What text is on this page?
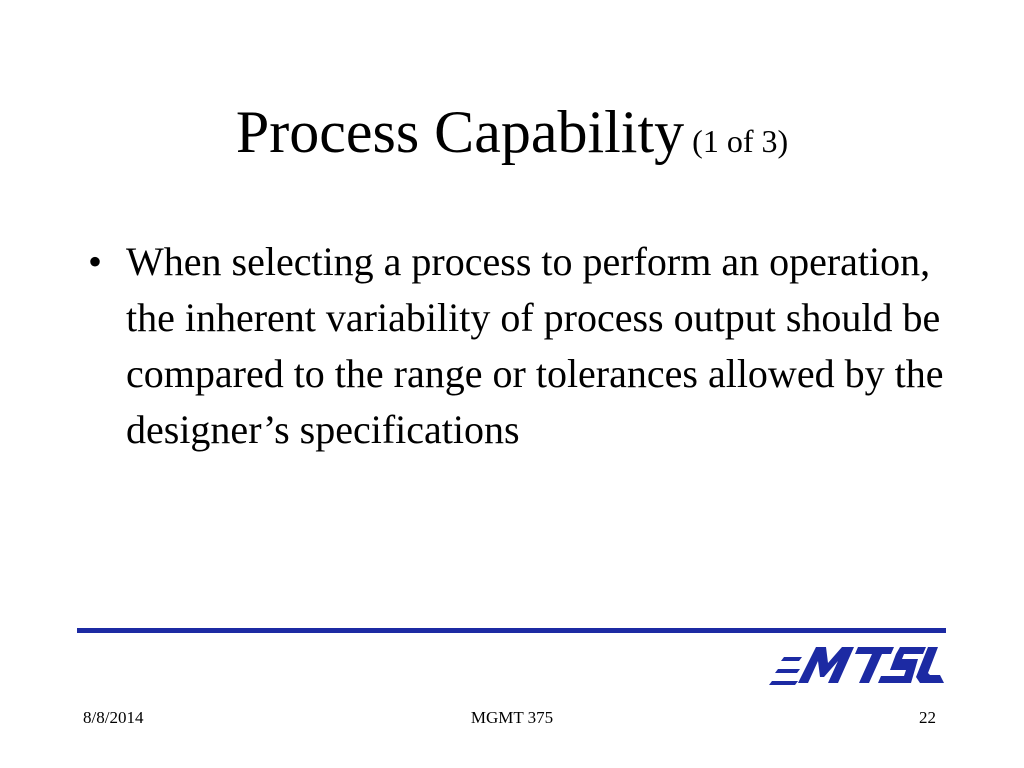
Process Capability (1 of 3)
• When selecting a process to perform an operation, the inherent variability of process output should be compared to the range or tolerances allowed by the designer’s specifications
8/8/2014	MGMT 375	22
